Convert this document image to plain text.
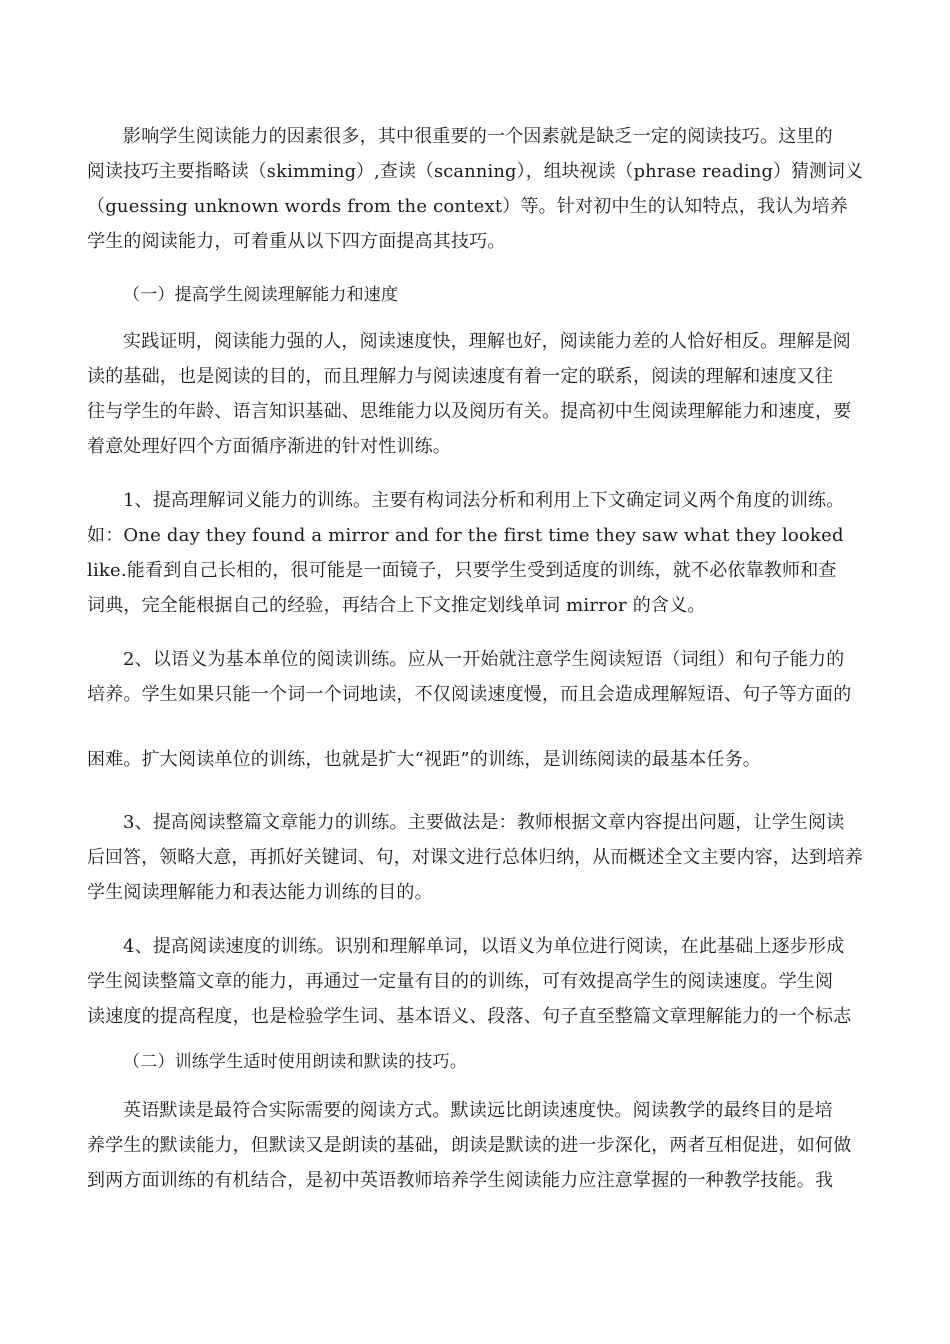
影响学生阅读能力的因素很多，其中很重要的一个因素就是缺乏一定的阅读技巧。这里的
阅读技巧主要指略读（skimming）,查读（scanning），组块视读（phrase reading）猜测词义
（guessing unknown words from the context）等。针对初中生的认知特点，我认为培养
学生的阅读能力，可着重从以下四方面提高其技巧。
（一）提高学生阅读理解能力和速度
实践证明，阅读能力强的人，阅读速度快，理解也好，阅读能力差的人恰好相反。理解是阅
读的基础，也是阅读的目的，而且理解力与阅读速度有着一定的联系，阅读的理解和速度又往
往与学生的年龄、语言知识基础、思维能力以及阅历有关。提高初中生阅读理解能力和速度，要
着意处理好四个方面循序渐进的针对性训练。
1、提高理解词义能力的训练。主要有构词法分析和利用上下文确定词义两个角度的训练。
如：One day they found a mirror and for the first time they saw what they looked
like.能看到自己长相的，很可能是一面镜子，只要学生受到适度的训练，就不必依靠教师和查
词典，完全能根据自己的经验，再结合上下文推定划线单词 mirror 的含义。
2、以语义为基本单位的阅读训练。应从一开始就注意学生阅读短语（词组）和句子能力的
培养。学生如果只能一个词一个词地读，不仅阅读速度慢，而且会造成理解短语、句子等方面的
困难。扩大阅读单位的训练，也就是扩大“视距”的训练，是训练阅读的最基本任务。
3、提高阅读整篇文章能力的训练。主要做法是：教师根据文章内容提出问题，让学生阅读
后回答，领略大意，再抓好关键词、句，对课文进行总体归纳，从而概述全文主要内容，达到培养
学生阅读理解能力和表达能力训练的目的。
4、提高阅读速度的训练。识别和理解单词，以语义为单位进行阅读，在此基础上逐步形成
学生阅读整篇文章的能力，再通过一定量有目的的训练，可有效提高学生的阅读速度。学生阅
读速度的提高程度，也是检验学生词、基本语义、段落、句子直至整篇文章理解能力的一个标志
（二）训练学生适时使用朗读和默读的技巧。
英语默读是最符合实际需要的阅读方式。默读远比朗读速度快。阅读教学的最终目的是培
养学生的默读能力，但默读又是朗读的基础，朗读是默读的进一步深化，两者互相促进，如何做
到两方面训练的有机结合，是初中英语教师培养学生阅读能力应注意掌握的一种教学技能。我
